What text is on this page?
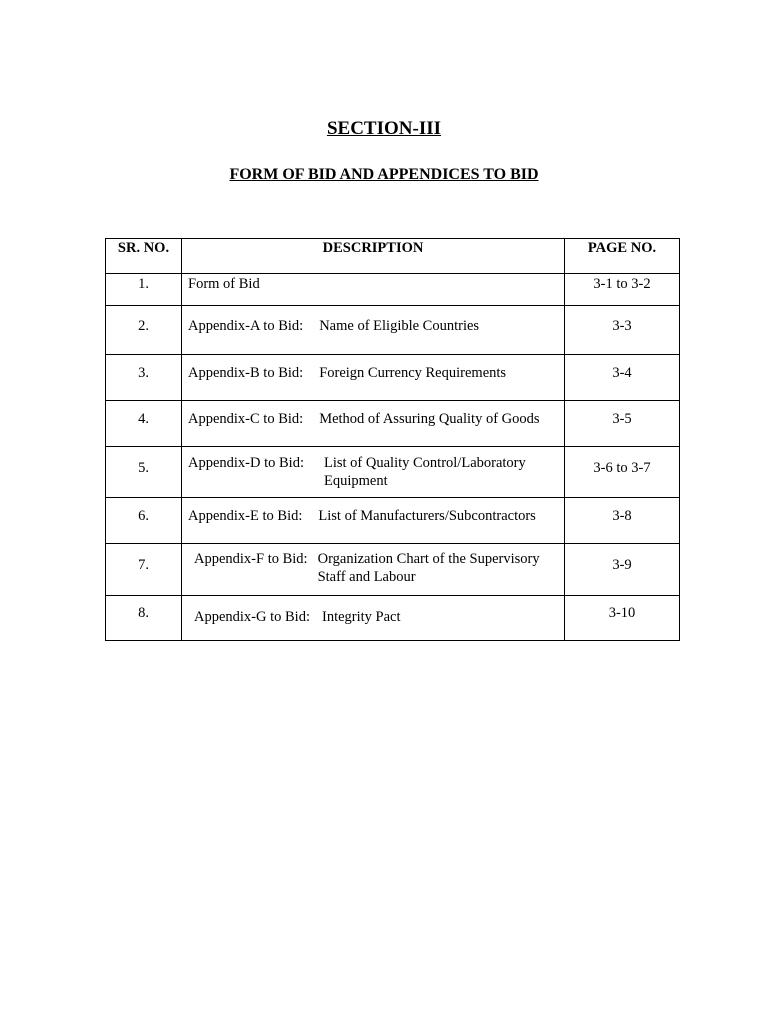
SECTION-III
FORM OF BID AND APPENDICES TO BID
SR. NO.	DESCRIPTION	PAGE NO.

1.	Form of Bid	3-1 to 3-2

2.	Appendix-A to Bid: Name of Eligible Countries	3-3

3.	Appendix-B to Bid: Foreign Currency Requirements	3-4

4.	Appendix-C to Bid: Method of Assuring Quality of Goods	3-5

5.	Appendix-D to Bid: List of Quality Control/Laboratory Equipment	3-6 to 3-7

6.	Appendix-E to Bid: List of Manufacturers/Subcontractors	3-8

7.	Appendix-F to Bid: Organization Chart of the Supervisory Staff and Labour	3-9

8.	Appendix-G to Bid: Integrity Pact	3-10
